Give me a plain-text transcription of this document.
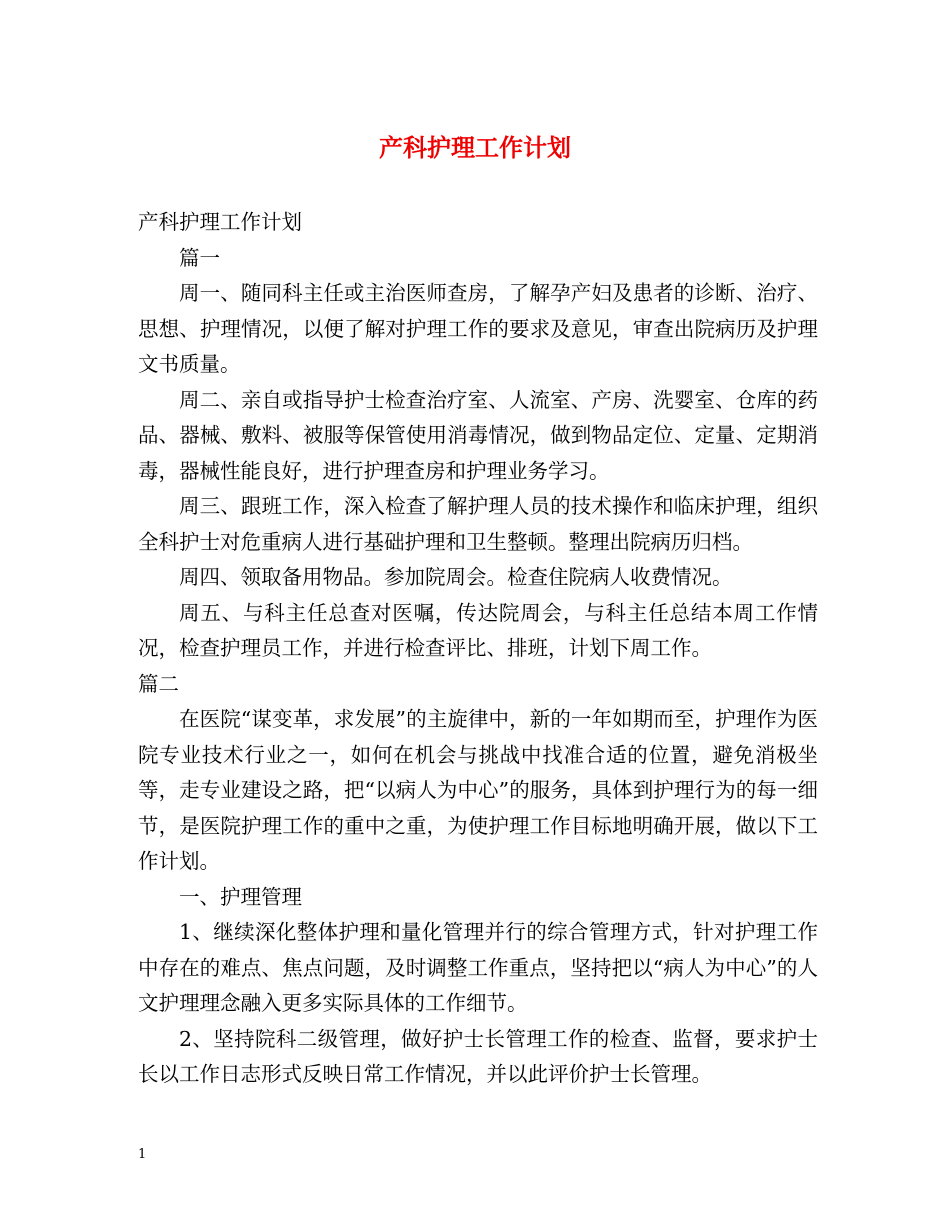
产科护理工作计划

产科护理工作计划

篇一

周一、随同科主任或主治医师查房，了解孕产妇及患者的诊断、治疗、思想、护理情况，以便了解对护理工作的要求及意见，审查出院病历及护理文书质量。

周二、亲自或指导护士检查治疗室、人流室、产房、洗婴室、仓库的药品、器械、敷料、被服等保管使用消毒情况，做到物品定位、定量、定期消毒，器械性能良好，进行护理查房和护理业务学习。

周三、跟班工作，深入检查了解护理人员的技术操作和临床护理，组织全科护士对危重病人进行基础护理和卫生整顿。整理出院病历归档。

周四、领取备用物品。参加院周会。检查住院病人收费情况。

周五、与科主任总查对医嘱，传达院周会，与科主任总结本周工作情况，检查护理员工作，并进行检查评比、排班，计划下周工作。

篇二

在医院“谋变革，求发展”的主旋律中，新的一年如期而至，护理作为医院专业技术行业之一，如何在机会与挑战中找准合适的位置，避免消极坐等，走专业建设之路，把“以病人为中心”的服务，具体到护理行为的每一细节，是医院护理工作的重中之重，为使护理工作目标地明确开展，做以下工作计划。

一、护理管理

1、继续深化整体护理和量化管理并行的综合管理方式，针对护理工作中存在的难点、焦点问题，及时调整工作重点，坚持把以“病人为中心”的人文护理理念融入更多实际具体的工作细节。

2、坚持院科二级管理，做好护士长管理工作的检查、监督，要求护士长以工作日志形式反映日常工作情况，并以此评价护士长管理。

1
